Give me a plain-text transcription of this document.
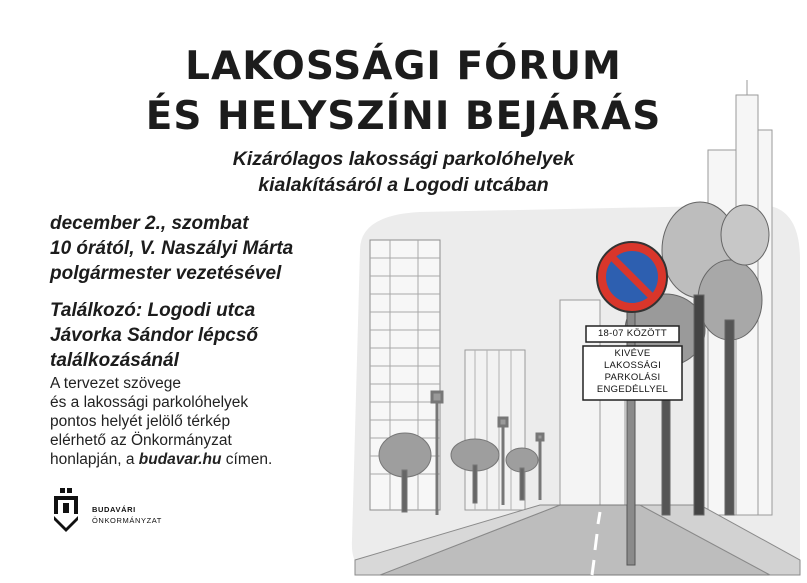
LAKOSSÁGI FÓRUM
ÉS HELYSZÍNI BEJÁRÁS
Kizárólagos lakossági parkolóhelyek
kialakításáról a Logodi utcában
december 2., szombat
10 órától, V. Naszályi Márta
polgármester vezetésével
Találkozó: Logodi utca
Jávorka Sándor lépcső
találkozásánál
A tervezet szövege
és a lakossági parkolóhelyek
pontos helyét jelölő térkép
elérhető az Önkormányzat
honlapján, a budavar.hu címen.
BUDAVÁRI
ÖNKORMÁNYZAT
18-07 KÖZÖTT
KIVÉVE
LAKOSSÁGI
PARKOLÁSI
ENGEDÉLLYEL
